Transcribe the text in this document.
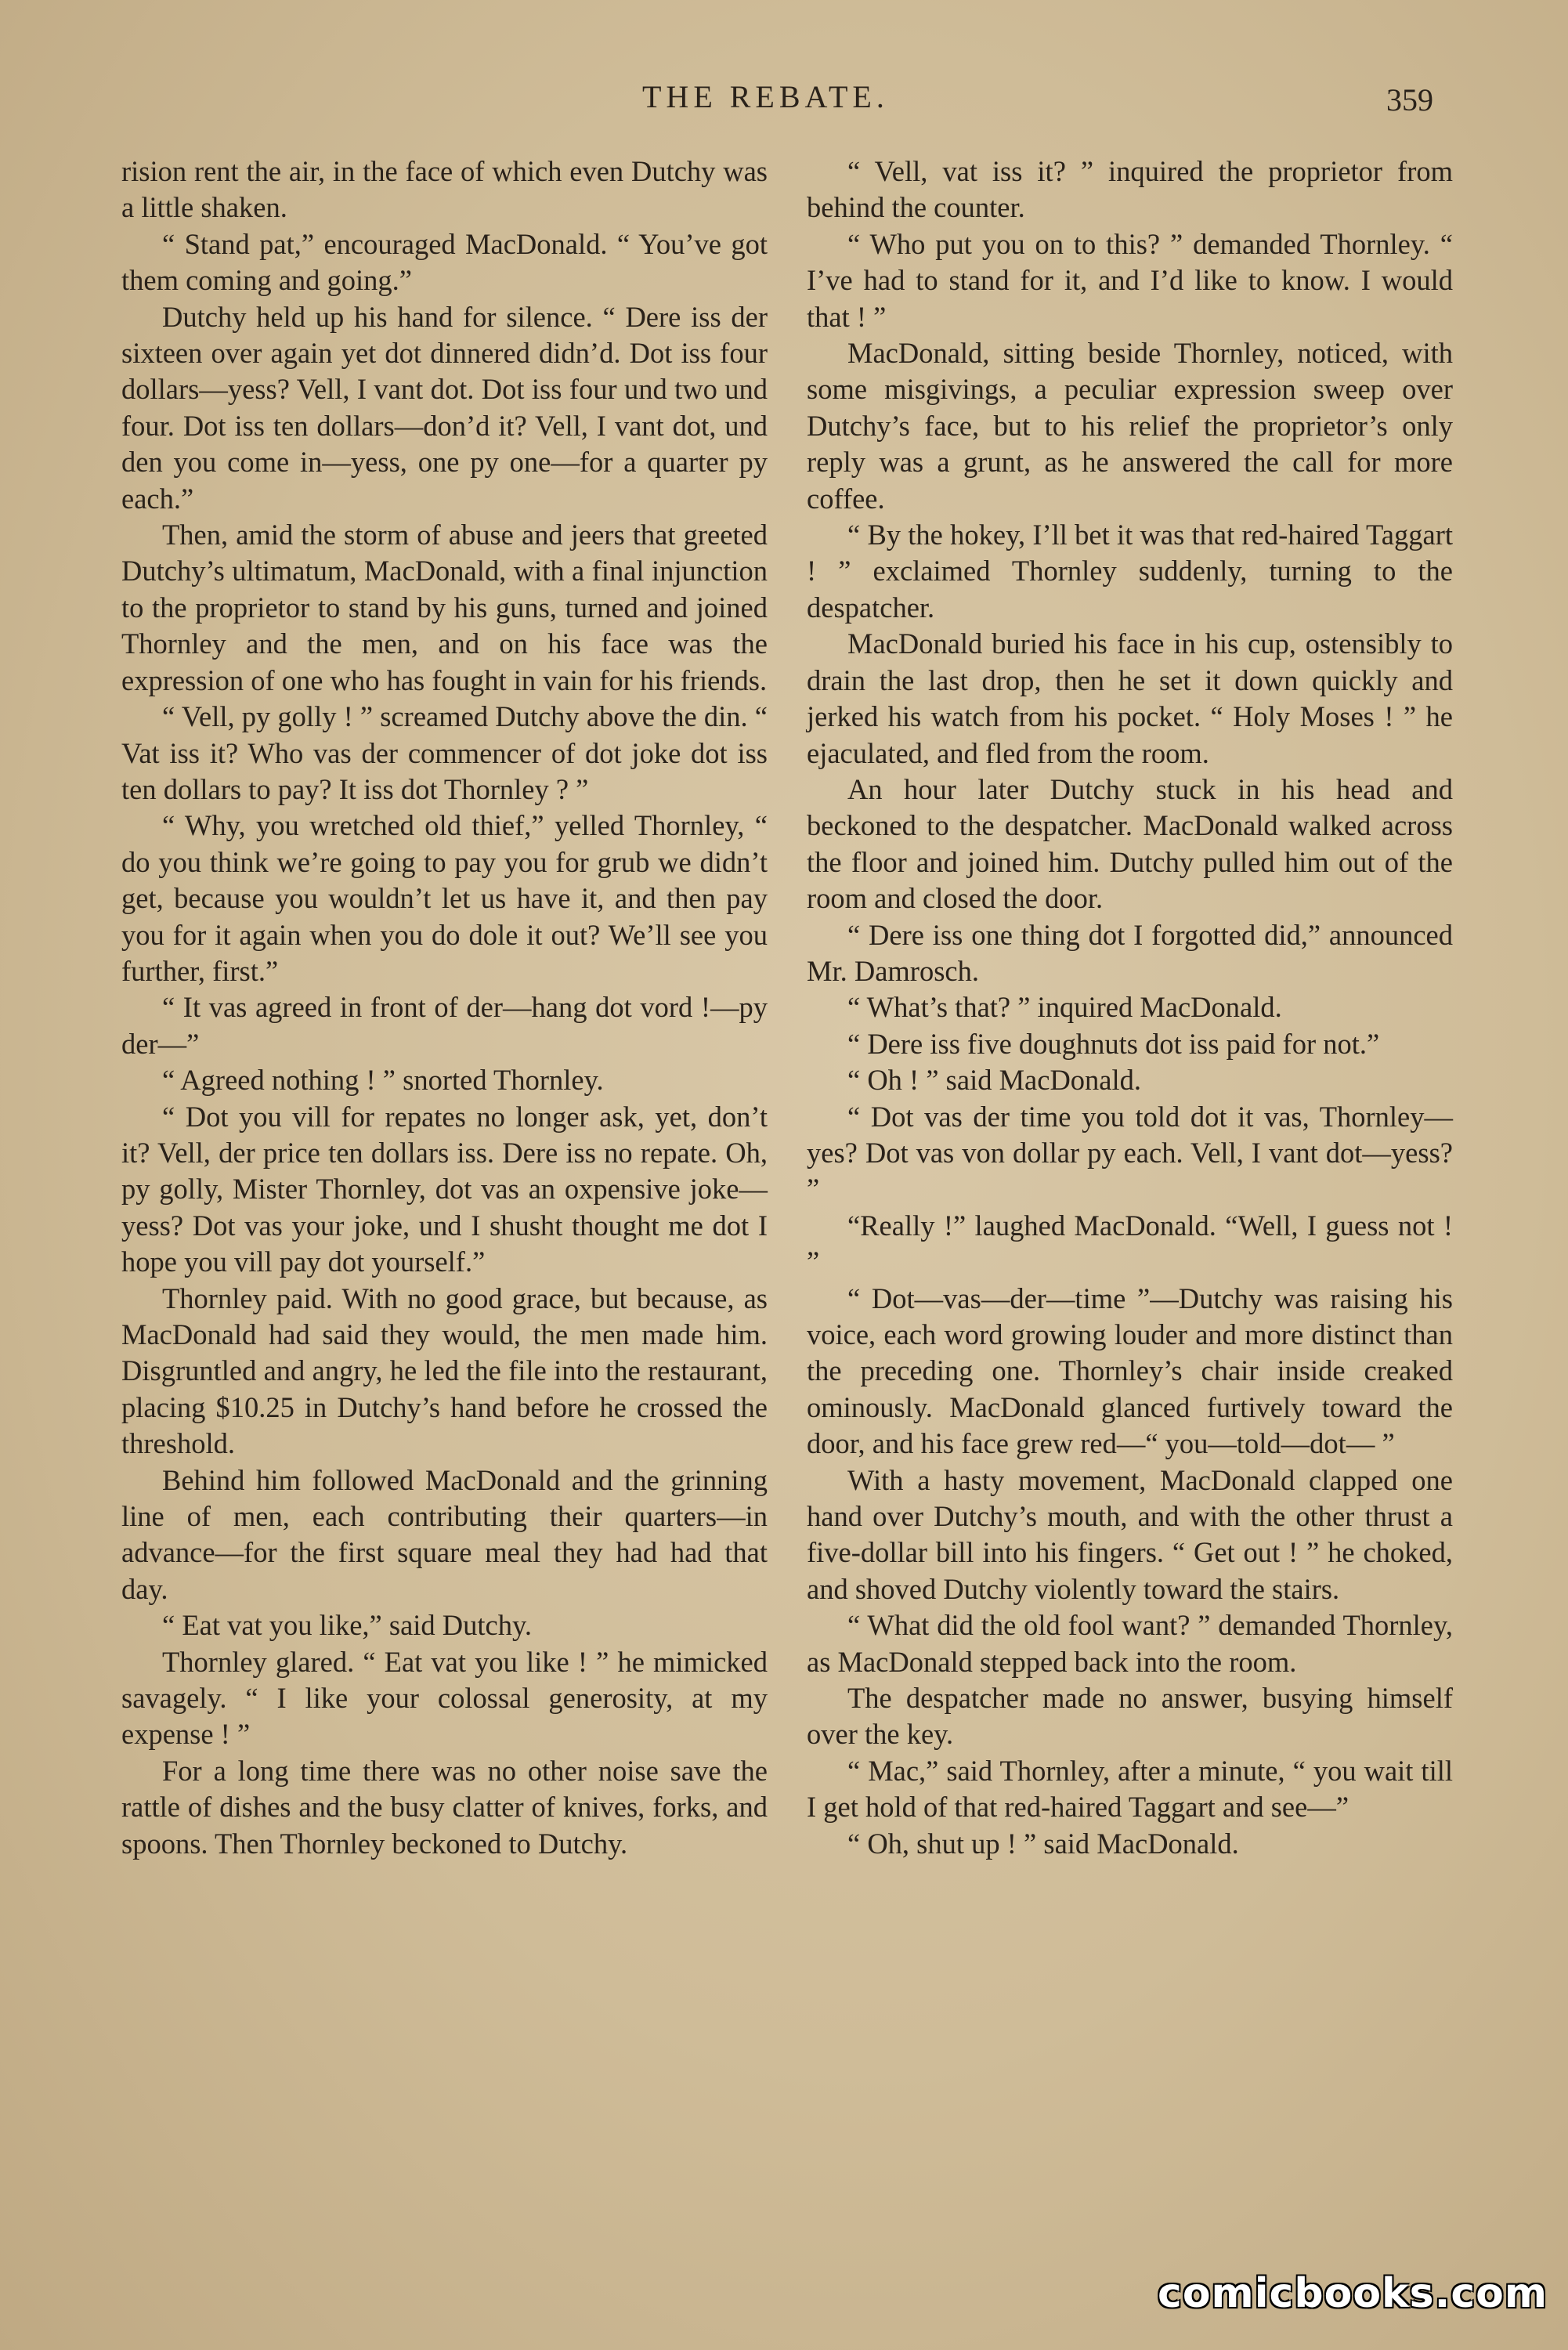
THE REBATE.	359

rision rent the air, in the face of which even Dutchy was a little shaken.

“ Stand pat,” encouraged MacDonald. “ You’ve got them coming and going.”

Dutchy held up his hand for silence. “ Dere iss der sixteen over again yet dot dinnered didn’d. Dot iss four dollars—yess? Vell, I vant dot. Dot iss four und two und four. Dot iss ten dollars—don’d it? Vell, I vant dot, und den you come in—yess, one py one—for a quarter py each.”

Then, amid the storm of abuse and jeers that greeted Dutchy’s ultimatum, MacDonald, with a final injunction to the proprietor to stand by his guns, turned and joined Thornley and the men, and on his face was the expression of one who has fought in vain for his friends.

“ Vell, py golly ! ” screamed Dutchy above the din. “ Vat iss it? Who vas der commencer of dot joke dot iss ten dollars to pay? It iss dot Thornley ? ”

“ Why, you wretched old thief,” yelled Thornley, “ do you think we’re going to pay you for grub we didn’t get, because you wouldn’t let us have it, and then pay you for it again when you do dole it out? We’ll see you further, first.”

“ It vas agreed in front of der—hang dot vord !—py der—”

“ Agreed nothing ! ” snorted Thornley.

“ Dot you vill for repates no longer ask, yet, don’t it? Vell, der price ten dollars iss. Dere iss no repate. Oh, py golly, Mister Thornley, dot vas an oxpensive joke—yess? Dot vas your joke, und I shusht thought me dot I hope you vill pay dot yourself.”

Thornley paid. With no good grace, but because, as MacDonald had said they would, the men made him. Disgruntled and angry, he led the file into the restaurant, placing $10.25 in Dutchy’s hand before he crossed the threshold.

Behind him followed MacDonald and the grinning line of men, each contributing their quarters—in advance—for the first square meal they had had that day.

“ Eat vat you like,” said Dutchy.

Thornley glared. “ Eat vat you like ! ” he mimicked savagely. “ I like your colossal generosity, at my expense ! ”

For a long time there was no other noise save the rattle of dishes and the busy clatter of knives, forks, and spoons. Then Thornley beckoned to Dutchy.

“ Vell, vat iss it? ” inquired the proprietor from behind the counter.

“ Who put you on to this? ” demanded Thornley. “ I’ve had to stand for it, and I’d like to know. I would that ! ”

MacDonald, sitting beside Thornley, noticed, with some misgivings, a peculiar expression sweep over Dutchy’s face, but to his relief the proprietor’s only reply was a grunt, as he answered the call for more coffee.

“ By the hokey, I’ll bet it was that red-haired Taggart ! ” exclaimed Thornley suddenly, turning to the despatcher.

MacDonald buried his face in his cup, ostensibly to drain the last drop, then he set it down quickly and jerked his watch from his pocket. “ Holy Moses ! ” he ejaculated, and fled from the room.

An hour later Dutchy stuck in his head and beckoned to the despatcher. MacDonald walked across the floor and joined him. Dutchy pulled him out of the room and closed the door.

“ Dere iss one thing dot I forgotted did,” announced Mr. Damrosch.

“ What’s that? ” inquired MacDonald.

“ Dere iss five doughnuts dot iss paid for not.”

“ Oh ! ” said MacDonald.

“ Dot vas der time you told dot it vas, Thornley—yes? Dot vas von dollar py each. Vell, I vant dot—yess? ”

“Really !” laughed MacDonald. “Well, I guess not ! ”

“ Dot—vas—der—time ”—Dutchy was raising his voice, each word growing louder and more distinct than the preceding one. Thornley’s chair inside creaked ominously. MacDonald glanced furtively toward the door, and his face grew red—“ you—told—dot— ”

With a hasty movement, MacDonald clapped one hand over Dutchy’s mouth, and with the other thrust a five-dollar bill into his fingers. “ Get out ! ” he choked, and shoved Dutchy violently toward the stairs.

“ What did the old fool want? ” demanded Thornley, as MacDonald stepped back into the room.

The despatcher made no answer, busying himself over the key.

“ Mac,” said Thornley, after a minute, “ you wait till I get hold of that red-haired Taggart and see—”

“ Oh, shut up ! ” said MacDonald.

comicbooks.com
